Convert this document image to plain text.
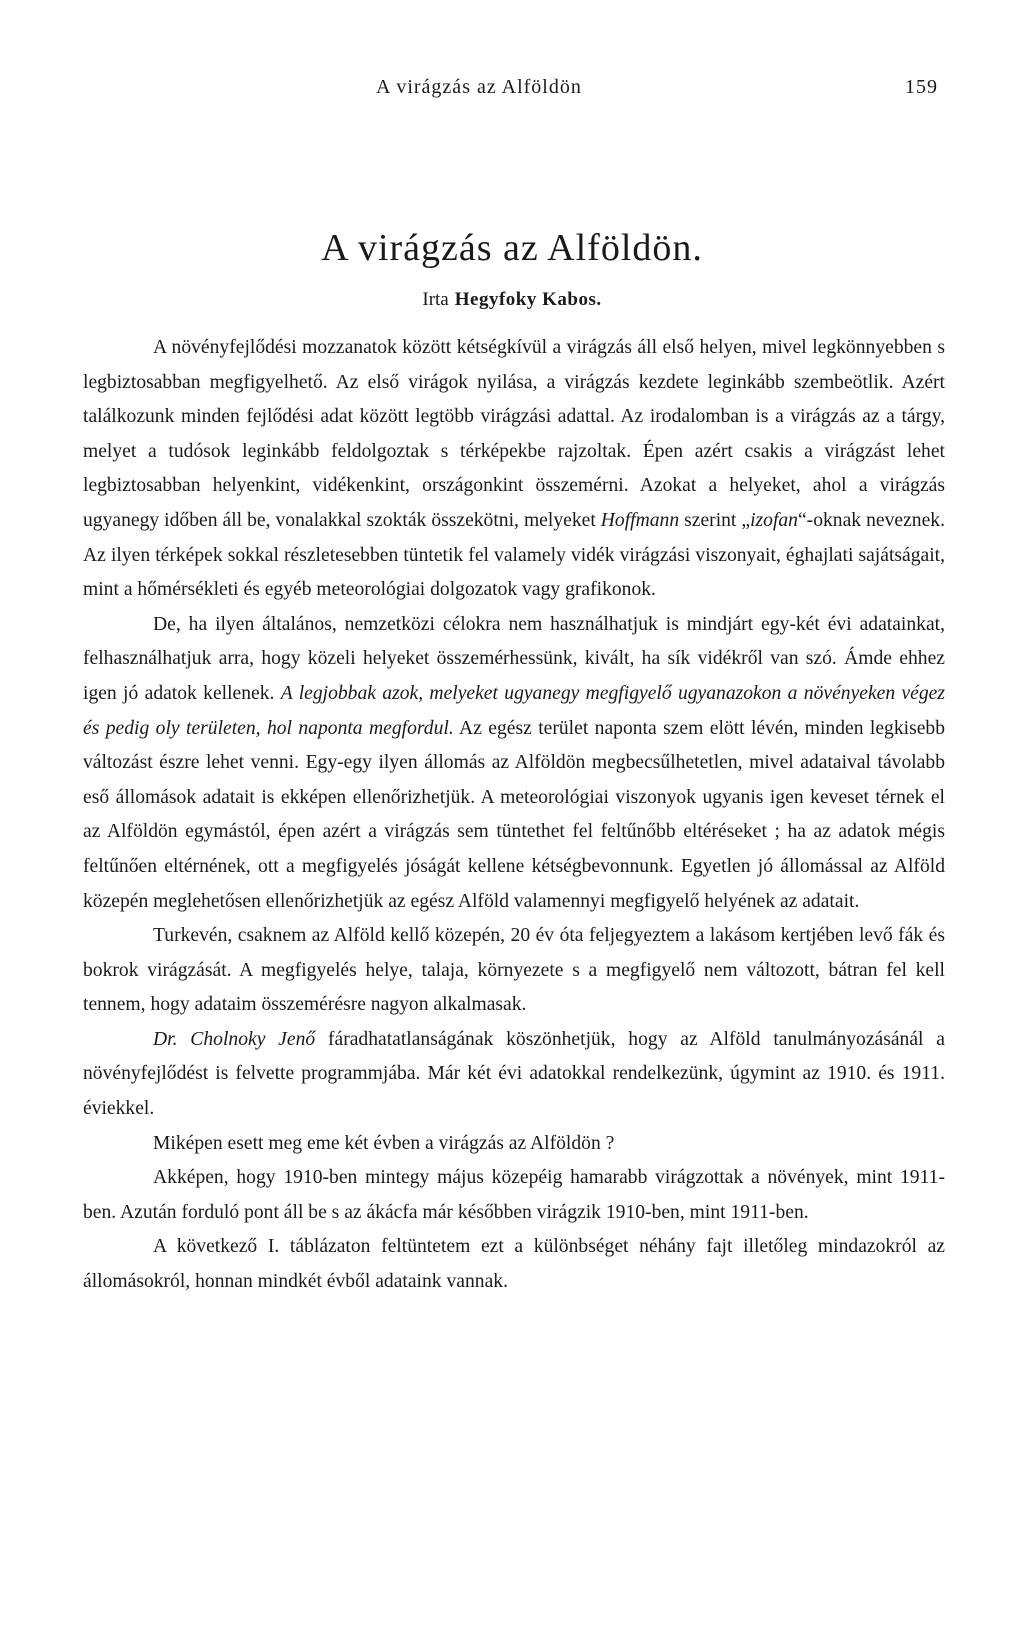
A virágzás az Alföldön	159
A virágzás az Alföldön.
Irta Hegyfoky Kabos.

A növényfejlődési mozzanatok között kétségkívül a virágzás áll első helyen, mivel legkönnyebben s legbiztosabban megfigyelhető. Az első virágok nyilása, a virágzás kezdete leginkább szembeötlik. Azért találkozunk minden fejlődési adat között legtöbb virágzási adattal. Az irodalomban is a virágzás az a tárgy, melyet a tudósok leginkább feldolgoztak s térképekbe rajzoltak. Épen azért csakis a virágzást lehet legbiztosabban helyenkint, vidékenkint, országonkint összemérni. Azokat a helyeket, ahol a virágzás ugyanegy időben áll be, vonalakkal szokták összekötni, melyeket Hoffmann szerint „izofan“-oknak neveznek. Az ilyen térképek sokkal részletesebben tüntetik fel valamely vidék virágzási viszonyait, éghajlati sajátságait, mint a hőmérsékleti és egyéb meteorológiai dolgozatok vagy grafikonok.

De, ha ilyen általános, nemzetközi célokra nem használhatjuk is mindjárt egy-két évi adatainkat, felhasználhatjuk arra, hogy közeli helyeket összemérhessünk, kivált, ha sík vidékről van szó. Ámde ehhez igen jó adatok kellenek. A legjobbak azok, melyeket ugyanegy megfigyelő ugyanazokon a növényeken végez és pedig oly területen, hol naponta megfordul. Az egész terület naponta szem elött lévén, minden legkisebb változást észre lehet venni. Egy-egy ilyen állomás az Alföldön megbecsűlhetetlen, mivel adataival távolabb eső állomások adatait is ekképen ellenőrizhetjük. A meteorológiai viszonyok ugyanis igen keveset térnek el az Alföldön egymástól, épen azért a virágzás sem tüntethet fel feltűnőbb eltéréseket ; ha az adatok mégis feltűnően eltérnének, ott a megfigyelés jóságát kellene kétségbevonnunk. Egyetlen jó állomással az Alföld közepén meglehetősen ellenőrizhetjük az egész Alföld valamennyi megfigyelő helyének az adatait.

Turkevén, csaknem az Alföld kellő közepén, 20 év óta feljegyeztem a lakásom kertjében levő fák és bokrok virágzását. A megfigyelés helye, talaja, környezete s a megfigyelő nem változott, bátran fel kell tennem, hogy adataim összemérésre nagyon alkalmasak.

Dr. Cholnoky Jenő fáradhatatlanságának köszönhetjük, hogy az Alföld tanulmányozásánál a növényfejlődést is felvette programmjába. Már két évi adatokkal rendelkezünk, úgymint az 1910. és 1911. éviekkel.

Miképen esett meg eme két évben a virágzás az Alföldön ?

Akképen, hogy 1910-ben mintegy május közepéig hamarabb virágzottak a növények, mint 1911-ben. Azután forduló pont áll be s az ákácfa már későbben virágzik 1910-ben, mint 1911-ben.

A következő I. táblázaton feltüntetem ezt a különbséget néhány fajt illetőleg mindazokról az állomásokról, honnan mindkét évből adataink vannak.
